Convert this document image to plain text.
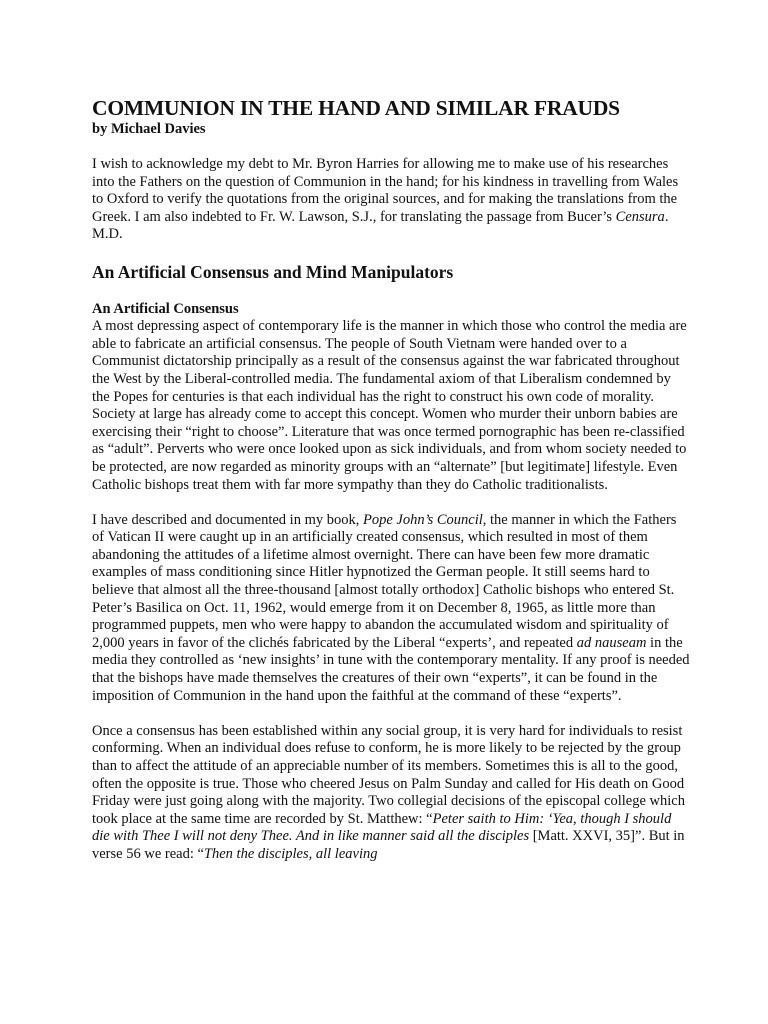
COMMUNION IN THE HAND AND SIMILAR FRAUDS
by Michael Davies

I wish to acknowledge my debt to Mr. Byron Harries for allowing me to make use of his researches into the Fathers on the question of Communion in the hand; for his kindness in travelling from Wales to Oxford to verify the quotations from the original sources, and for making the translations from the Greek. I am also indebted to Fr. W. Lawson, S.J., for translating the passage from Bucer’s Censura. M.D.

An Artificial Consensus and Mind Manipulators
An Artificial Consensus

A most depressing aspect of contemporary life is the manner in which those who control the media are able to fabricate an artificial consensus. The people of South Vietnam were handed over to a Communist dictatorship principally as a result of the consensus against the war fabricated throughout the West by the Liberal-controlled media. The fundamental axiom of that Liberalism condemned by the Popes for centuries is that each individual has the right to construct his own code of morality. Society at large has already come to accept this concept. Women who murder their unborn babies are exercising their “right to choose”. Literature that was once termed pornographic has been re-classified as “adult”. Perverts who were once looked upon as sick individuals, and from whom society needed to be protected, are now regarded as minority groups with an “alternate” [but legitimate] lifestyle. Even Catholic bishops treat them with far more sympathy than they do Catholic traditionalists.

I have described and documented in my book, Pope John’s Council, the manner in which the Fathers of Vatican II were caught up in an artificially created consensus, which resulted in most of them abandoning the attitudes of a lifetime almost overnight. There can have been few more dramatic examples of mass conditioning since Hitler hypnotized the German people. It still seems hard to believe that almost all the three-thousand [almost totally orthodox] Catholic bishops who entered St. Peter’s Basilica on Oct. 11, 1962, would emerge from it on December 8, 1965, as little more than programmed puppets, men who were happy to abandon the accumulated wisdom and spirituality of 2,000 years in favor of the clichés fabricated by the Liberal “experts’, and repeated ad nauseam in the media they controlled as ‘new insights’ in tune with the contemporary mentality. If any proof is needed that the bishops have made themselves the creatures of their own “experts”, it can be found in the imposition of Communion in the hand upon the faithful at the command of these “experts”.

Once a consensus has been established within any social group, it is very hard for individuals to resist conforming. When an individual does refuse to conform, he is more likely to be rejected by the group than to affect the attitude of an appreciable number of its members. Sometimes this is all to the good, often the opposite is true. Those who cheered Jesus on Palm Sunday and called for His death on Good Friday were just going along with the majority. Two collegial decisions of the episcopal college which took place at the same time are recorded by St. Matthew: “Peter saith to Him: ‘Yea, though I should die with Thee I will not deny Thee. And in like manner said all the disciples [Matt. XXVI, 35]”. But in verse 56 we read: “Then the disciples, all leaving
